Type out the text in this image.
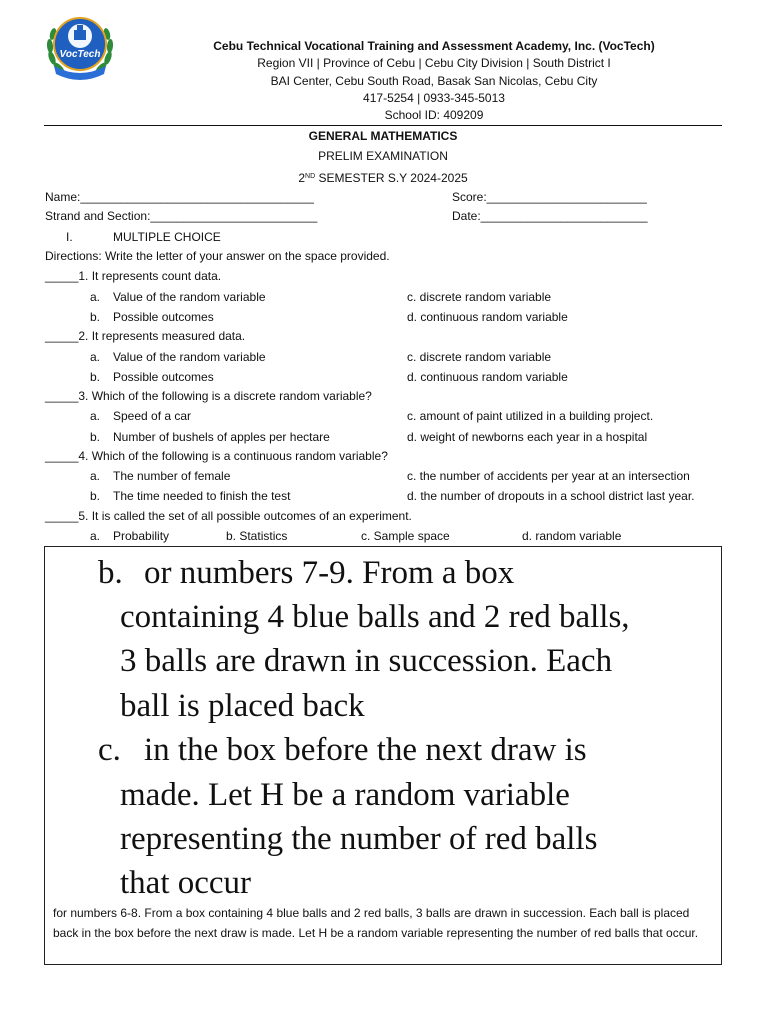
VocTech
Cebu Technical Vocational Training and Assessment Academy, Inc. (VocTech)
Region VII | Province of Cebu | Cebu City Division | South District I
BAI Center, Cebu South Road, Basak San Nicolas, Cebu City
417-5254 | 0933-345-5013
School ID: 409209
GENERAL MATHEMATICS
PRELIM EXAMINATION
2ND SEMESTER S.Y 2024-2025
Name:___________________________________	Score:________________________
Strand and Section:_________________________	Date:_________________________
I.	MULTIPLE CHOICE
Directions: Write the letter of your answer on the space provided.
_____1. It represents count data.
a. Value of the random variable	c. discrete random variable
b. Possible outcomes	d. continuous random variable
_____2. It represents measured data.
a. Value of the random variable	c. discrete random variable
b. Possible outcomes	d. continuous random variable
_____3. Which of the following is a discrete random variable?
a. Speed of a car	c. amount of paint utilized in a building project.
b. Number of bushels of apples per hectare	d. weight of newborns each year in a hospital
_____4. Which of the following is a continuous random variable?
a. The number of female	c. the number of accidents per year at an intersection
b. The time needed to finish the test	d. the number of dropouts in a school district last year.
_____5. It is called the set of all possible outcomes of an experiment.
a. Probability	b. Statistics	c. Sample space	d. random variable
b. or numbers 7-9. From a box
containing 4 blue balls and 2 red balls,
3 balls are drawn in succession. Each
ball is placed back
c. in the box before the next draw is
made. Let H be a random variable
representing the number of red balls
that occur
for numbers 6-8. From a box containing 4 blue balls and 2 red balls, 3 balls are drawn in succession. Each ball is placed back in the box before the next draw is made. Let H be a random variable representing the number of red balls that occur.
